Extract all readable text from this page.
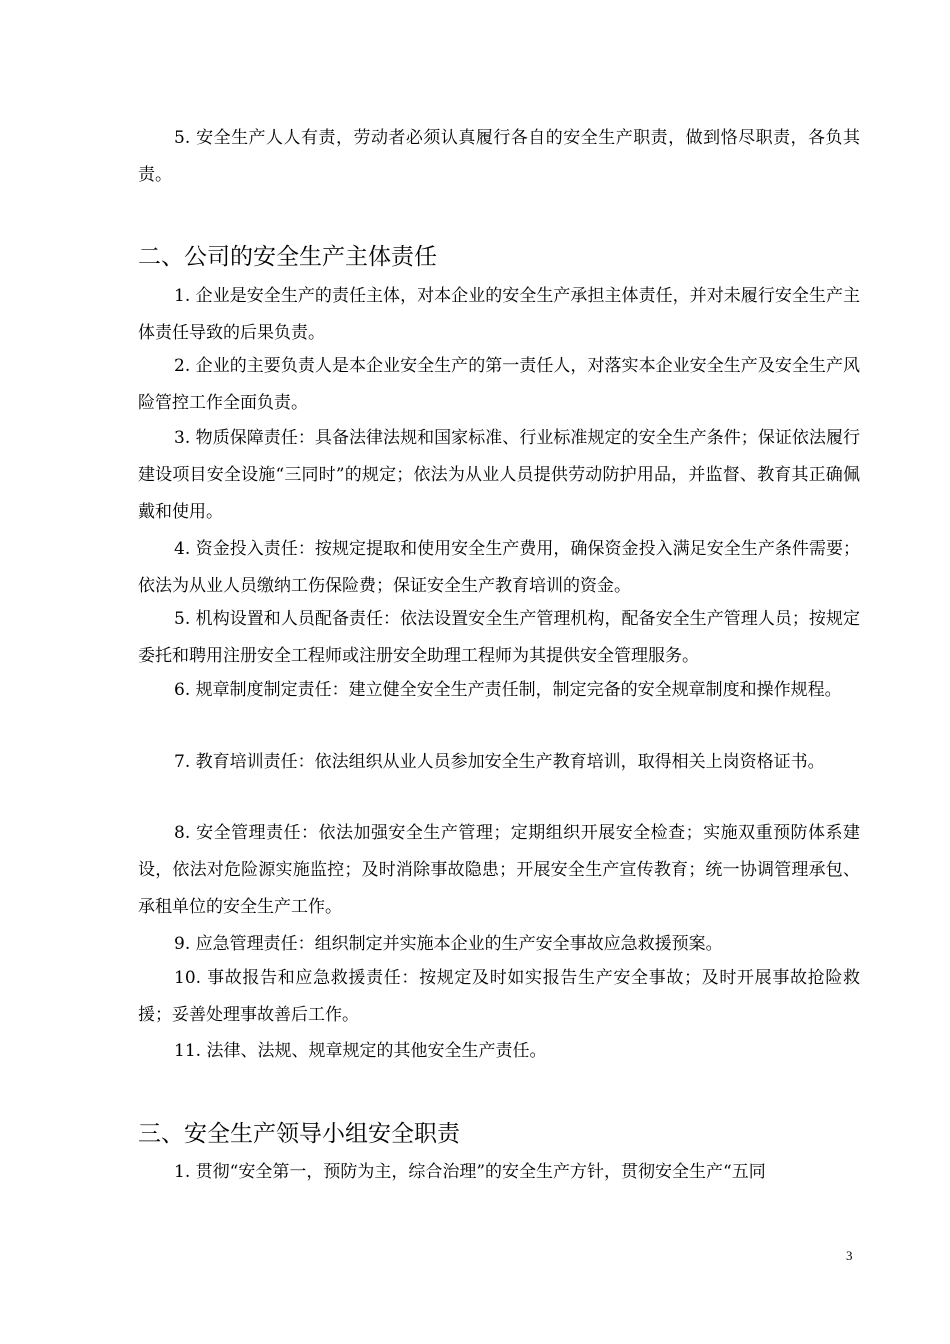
5. 安全生产人人有责，劳动者必须认真履行各自的安全生产职责，做到恪尽职责，各负其责。

二、公司的安全生产主体责任

1. 企业是安全生产的责任主体，对本企业的安全生产承担主体责任，并对未履行安全生产主体责任导致的后果负责。

2. 企业的主要负责人是本企业安全生产的第一责任人，对落实本企业安全生产及安全生产风险管控工作全面负责。

3. 物质保障责任：具备法律法规和国家标准、行业标准规定的安全生产条件；保证依法履行建设项目安全设施“三同时”的规定；依法为从业人员提供劳动防护用品，并监督、教育其正确佩戴和使用。

4. 资金投入责任：按规定提取和使用安全生产费用，确保资金投入满足安全生产条件需要；依法为从业人员缴纳工伤保险费；保证安全生产教育培训的资金。

5. 机构设置和人员配备责任：依法设置安全生产管理机构，配备安全生产管理人员；按规定委托和聘用注册安全工程师或注册安全助理工程师为其提供安全管理服务。

6. 规章制度制定责任：建立健全安全生产责任制，制定完备的安全规章制度和操作规程。

7. 教育培训责任：依法组织从业人员参加安全生产教育培训，取得相关上岗资格证书。

8. 安全管理责任：依法加强安全生产管理；定期组织开展安全检查；实施双重预防体系建设，依法对危险源实施监控；及时消除事故隐患；开展安全生产宣传教育；统一协调管理承包、承租单位的安全生产工作。

9. 应急管理责任：组织制定并实施本企业的生产安全事故应急救援预案。

10. 事故报告和应急救援责任：按规定及时如实报告生产安全事故；及时开展事故抢险救援；妥善处理事故善后工作。

11. 法律、法规、规章规定的其他安全生产责任。

三、安全生产领导小组安全职责

1. 贯彻“安全第一，预防为主，综合治理”的安全生产方针，贯彻安全生产“五同

3
